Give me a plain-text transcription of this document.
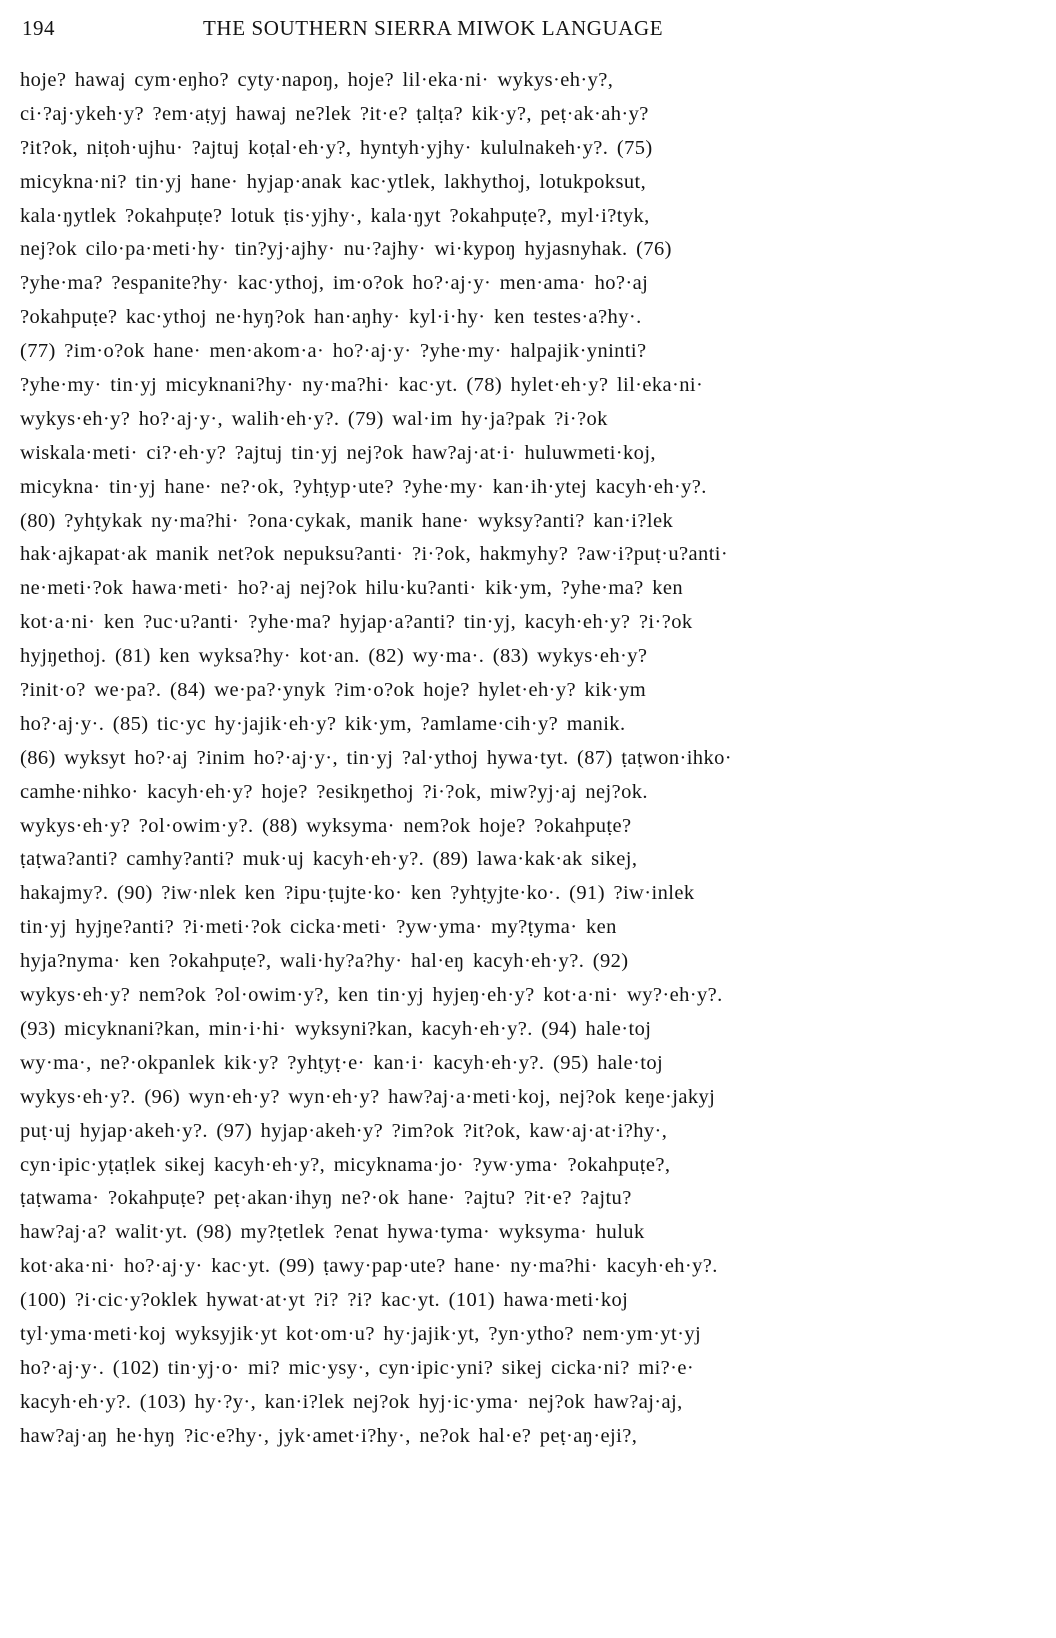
194	THE SOUTHERN SIERRA MIWOK LANGUAGE
hoje? hawaj cym·eŋho? cyty·napoŋ, hoje? lil·eka·ni· wykys·eh·y?,
ci·?aj·ykeh·y? ?em·aṭyj hawaj ne?lek ?it·e? ṭalṭa? kik·y?, peṭ·ak·ah·y?
?it?ok, niṭoh·ujhu· ?ajtuj koṭal·eh·y?, hyntyh·yjhy· kululnakeh·y?. (75)
micykna·ni? tin·yj hane· hyjap·anak kac·ytlek, lakhythoj, lotukpoksut,
kala·ŋytlek ?okahpuṭe? lotuk ṭis·yjhy·, kala·ŋyt ?okahpuṭe?, myl·i?tyk,
nej?ok cilo·pa·meti·hy· tin?yj·ajhy· nu·?ajhy· wi·kypoŋ hyjasnyhak. (76)
?yhe·ma? ?espanite?hy· kac·ythoj, im·o?ok ho?·aj·y· men·ama· ho?·aj
?okahpuṭe? kac·ythoj ne·hyŋ?ok han·aŋhy· kyl·i·hy· ken testes·a?hy·.
(77) ?im·o?ok hane· men·akom·a· ho?·aj·y· ?yhe·my· halpajik·yninti?
?yhe·my· tin·yj micyknani?hy· ny·ma?hi· kac·yt. (78) hylet·eh·y? lil·eka·ni·
wykys·eh·y? ho?·aj·y·, walih·eh·y?. (79) wal·im hy·ja?pak ?i·?ok
wiskala·meti· ci?·eh·y? ?ajtuj tin·yj nej?ok haw?aj·at·i· huluwmeti·koj,
micykna· tin·yj hane· ne?·ok, ?yhṭyp·ute? ?yhe·my· kan·ih·ytej kacyh·eh·y?.
(80) ?yhṭykak ny·ma?hi· ?ona·cykak, manik hane· wyksy?anti? kan·i?lek
hak·ajkapat·ak manik net?ok nepuksu?anti· ?i·?ok, hakmyhy? ?aw·i?puṭ·u?anti·
ne·meti·?ok hawa·meti· ho?·aj nej?ok hilu·ku?anti· kik·ym, ?yhe·ma? ken
kot·a·ni· ken ?uc·u?anti· ?yhe·ma? hyjap·a?anti? tin·yj, kacyh·eh·y? ?i·?ok
hyjŋethoj. (81) ken wyksa?hy· kot·an. (82) wy·ma·. (83) wykys·eh·y?
?init·o? we·pa?. (84) we·pa?·ynyk ?im·o?ok hoje? hylet·eh·y? kik·ym
ho?·aj·y·. (85) tic·yc hy·jajik·eh·y? kik·ym, ?amlame·cih·y? manik.
(86) wyksyt ho?·aj ?inim ho?·aj·y·, tin·yj ?al·ythoj hywa·tyt. (87) ṭaṭwon·ihko·
camhe·nihko· kacyh·eh·y? hoje? ?esikŋethoj ?i·?ok, miw?yj·aj nej?ok.
wykys·eh·y? ?ol·owim·y?. (88) wyksyma· nem?ok hoje? ?okahpuṭe?
ṭaṭwa?anti? camhy?anti? muk·uj kacyh·eh·y?. (89) lawa·kak·ak sikej,
hakajmy?. (90) ?iw·nlek ken ?ipu·ṭujte·ko· ken ?yhṭyjte·ko·. (91) ?iw·inlek
tin·yj hyjŋe?anti? ?i·meti·?ok cicka·meti· ?yw·yma· my?ṭyma· ken
hyja?nyma· ken ?okahpuṭe?, wali·hy?a?hy· hal·eŋ kacyh·eh·y?. (92)
wykys·eh·y? nem?ok ?ol·owim·y?, ken tin·yj hyjeŋ·eh·y? kot·a·ni· wy?·eh·y?.
(93) micyknani?kan, min·i·hi· wyksyni?kan, kacyh·eh·y?. (94) hale·toj
wy·ma·, ne?·okpanlek kik·y? ?yhṭyṭ·e· kan·i· kacyh·eh·y?. (95) hale·toj
wykys·eh·y?. (96) wyn·eh·y? wyn·eh·y? haw?aj·a·meti·koj, nej?ok keŋe·jakyj
puṭ·uj hyjap·akeh·y?. (97) hyjap·akeh·y? ?im?ok ?it?ok, kaw·aj·at·i?hy·,
cyn·ipic·yṭaṭlek sikej kacyh·eh·y?, micyknama·jo· ?yw·yma· ?okahpuṭe?,
ṭaṭwama· ?okahpuṭe? peṭ·akan·ihyŋ ne?·ok hane· ?ajtu? ?it·e? ?ajtu?
haw?aj·a? walit·yt. (98) my?ṭetlek ?enat hywa·tyma· wyksyma· huluk
kot·aka·ni· ho?·aj·y· kac·yt. (99) ṭawy·pap·ute? hane· ny·ma?hi· kacyh·eh·y?.
(100) ?i·cic·y?oklek hywat·at·yt ?i? ?i? kac·yt. (101) hawa·meti·koj
tyl·yma·meti·koj wyksyjik·yt kot·om·u? hy·jajik·yt, ?yn·ytho? nem·ym·yt·yj
ho?·aj·y·. (102) tin·yj·o· mi? mic·ysy·, cyn·ipic·yni? sikej cicka·ni? mi?·e·
kacyh·eh·y?. (103) hy·?y·, kan·i?lek nej?ok hyj·ic·yma· nej?ok haw?aj·aj,
haw?aj·aŋ he·hyŋ ?ic·e?hy·, jyk·amet·i?hy·, ne?ok hal·e? peṭ·aŋ·eji?,
